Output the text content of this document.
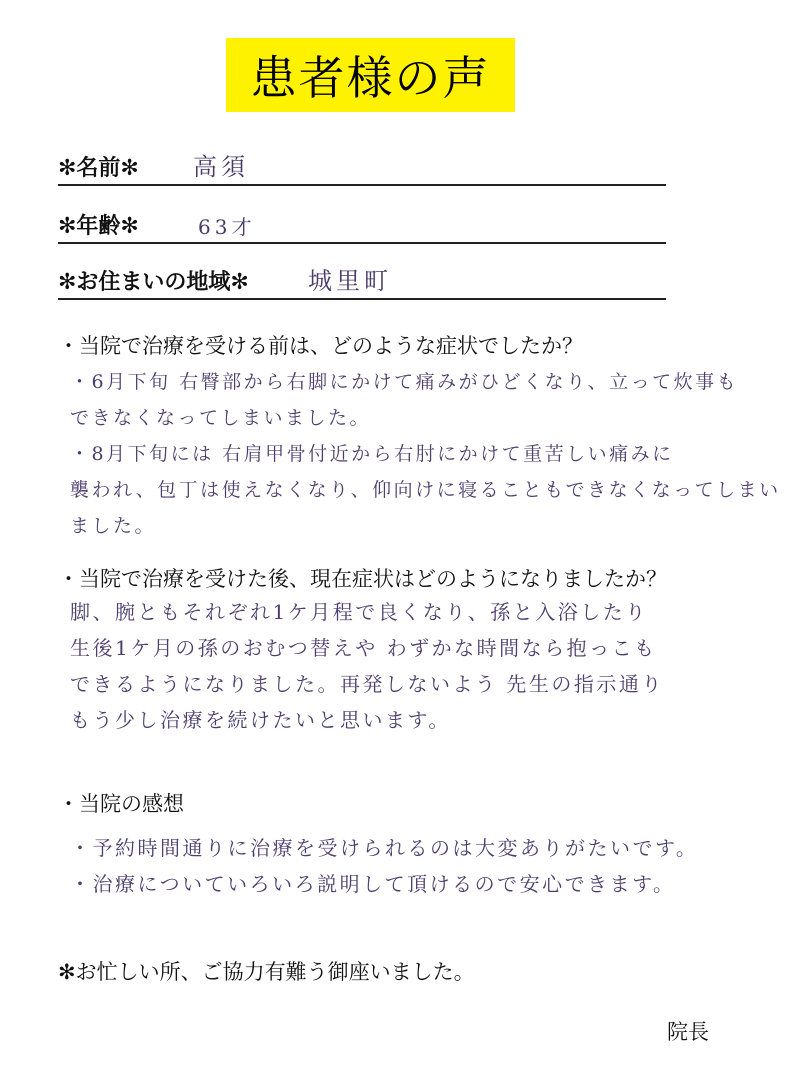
患者様の声
✻名前✻ 高須
✻年齢✻	63才
✻お住まいの地域✻ 城里町
・当院で治療を受ける前は、どのような症状でしたか？
・6月下旬 右臀部から右脚にかけて痛みがひどくなり、立って炊事も
できなくなってしまいました。
・8月下旬には 右肩甲骨付近から右肘にかけて重苦しい痛みに
襲われ、包丁は使えなくなり、仰向けに寝ることもできなくなってしまい
ました。
・当院で治療を受けた後、現在症状はどのようになりましたか？
脚、腕ともそれぞれ1ケ月程で良くなり、孫と入浴したり
生後1ケ月の孫のおむつ替えや わずかな時間なら抱っこも
できるようになりました。再発しないよう 先生の指示通り
もう少し治療を続けたいと思います。
・当院の感想
・予約時間通りに治療を受けられるのは大変ありがたいです。
・治療についていろいろ説明して頂けるので安心できます。
✻お忙しい所、ご協力有難う御座いました。
院長
